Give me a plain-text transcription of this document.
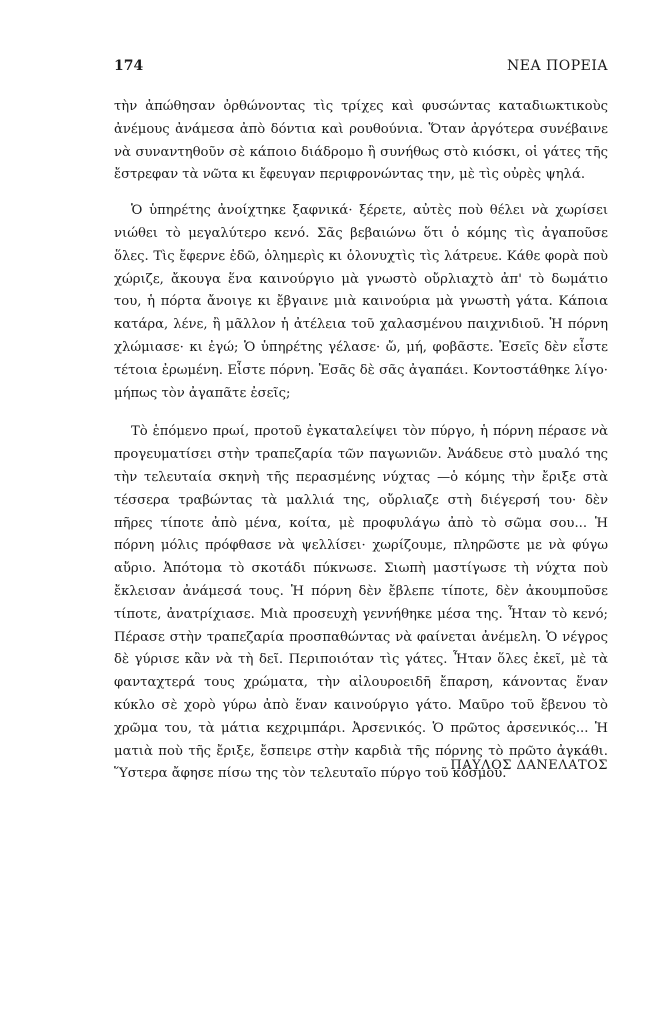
174	ΝΕΑ ΠΟΡΕΙΑ

τὴν ἀπώθησαν ὀρθώνοντας τὶς τρίχες καὶ φυσώντας καταδιωκτικοὺς ἀνέμους ἀνάμεσα ἀπὸ δόντια καὶ ρουθούνια. Ὅταν ἀργότερα συνέβαινε νὰ συναντηθοῦν σὲ κάποιο διάδρομο ἢ συνήθως στὸ κιόσκι, οἱ γάτες τῆς ἔστρεφαν τὰ νῶτα κι ἔφευγαν περιφρονώντας την, μὲ τὶς οὐρὲς ψηλά.

Ὁ ὑπηρέτης ἀνοίχτηκε ξαφνικά· ξέρετε, αὐτὲς ποὺ θέλει νὰ χωρίσει νιώθει τὸ μεγαλύτερο κενό. Σᾶς βεβαιώνω ὅτι ὁ κόμης τὶς ἀγαποῦσε ὅλες. Τὶς ἔφερνε ἐδῶ, ὁλημερὶς κι ὁλονυχτὶς τὶς λάτρευε. Κάθε φορὰ ποὺ χώριζε, ἄκουγα ἕνα καινούργιο μὰ γνωστὸ οὔρλιαχτὸ ἀπ' τὸ δωμάτιο του, ἡ πόρτα ἄνοιγε κι ἔβγαινε μιὰ καινούρια μὰ γνωστὴ γάτα. Κάποια κατάρα, λένε, ἢ μᾶλλον ἡ ἀτέλεια τοῦ χαλασμένου παιχνιδιοῦ. Ἡ πόρνη χλώμιασε· κι ἐγώ; Ὁ ὑπηρέτης γέλασε· ὤ, μή, φοβᾶστε. Ἐσεῖς δὲν εἶστε τέτοια ἐρωμένη. Εἶστε πόρνη. Ἐσᾶς δὲ σᾶς ἀγαπάει. Κοντοστάθηκε λίγο· μήπως τὸν ἀγαπᾶτε ἐσεῖς;

Τὸ ἑπόμενο πρωί, προτοῦ ἐγκαταλείψει τὸν πύργο, ἡ πόρνη πέρασε νὰ προγευματίσει στὴν τραπεζαρία τῶν παγωνιῶν. Ἀνάδευε στὸ μυαλό της τὴν τελευταία σκηνὴ τῆς περασμένης νύχτας —ὁ κόμης τὴν ἔριξε στὰ τέσσερα τραβώντας τὰ μαλλιά της, οὔρλιαζε στὴ διέγερσή του· δὲν πῆρες τίποτε ἀπὸ μένα, κοίτα, μὲ προφυλάγω ἀπὸ τὸ σῶμα σου... Ἡ πόρνη μόλις πρόφθασε νὰ ψελλίσει· χωρίζουμε, πληρῶστε με νὰ φύγω αὔριο. Ἀπότομα τὸ σκοτάδι πύκνωσε. Σιωπὴ μαστίγωσε τὴ νύχτα ποὺ ἔκλεισαν ἀνάμεσά τους. Ἡ πόρνη δὲν ἔβλεπε τίποτε, δὲν ἀκουμποῦσε τίποτε, ἀνατρίχιασε. Μιὰ προσευχὴ γεννήθηκε μέσα της. Ἦταν τὸ κενό; Πέρασε στὴν τραπεζαρία προσπαθώντας νὰ φαίνεται ἀνέμελη. Ὁ νέγρος δὲ γύρισε κἂν νὰ τὴ δεῖ. Περιποιόταν τὶς γάτες. Ἦταν ὅλες ἐκεῖ, μὲ τὰ φανταχτερά τους χρώματα, τὴν αἰλουροειδῆ ἔπαρση, κάνοντας ἕναν κύκλο σὲ χορὸ γύρω ἀπὸ ἕναν καινούργιο γάτο. Μαῦρο τοῦ ἔβενου τὸ χρῶμα του, τὰ μάτια κεχριμπάρι. Ἀρσενικός. Ὁ πρῶτος ἀρσενικός... Ἡ ματιὰ ποὺ τῆς ἔριξε, ἔσπειρε στὴν καρδιὰ τῆς πόρνης τὸ πρῶτο ἀγκάθι. Ὕστερα ἄφησε πίσω της τὸν τελευταῖο πύργο τοῦ κόσμου.

ΠΑΥΛΟΣ ΔΑΝΕΛΑΤΟΣ
